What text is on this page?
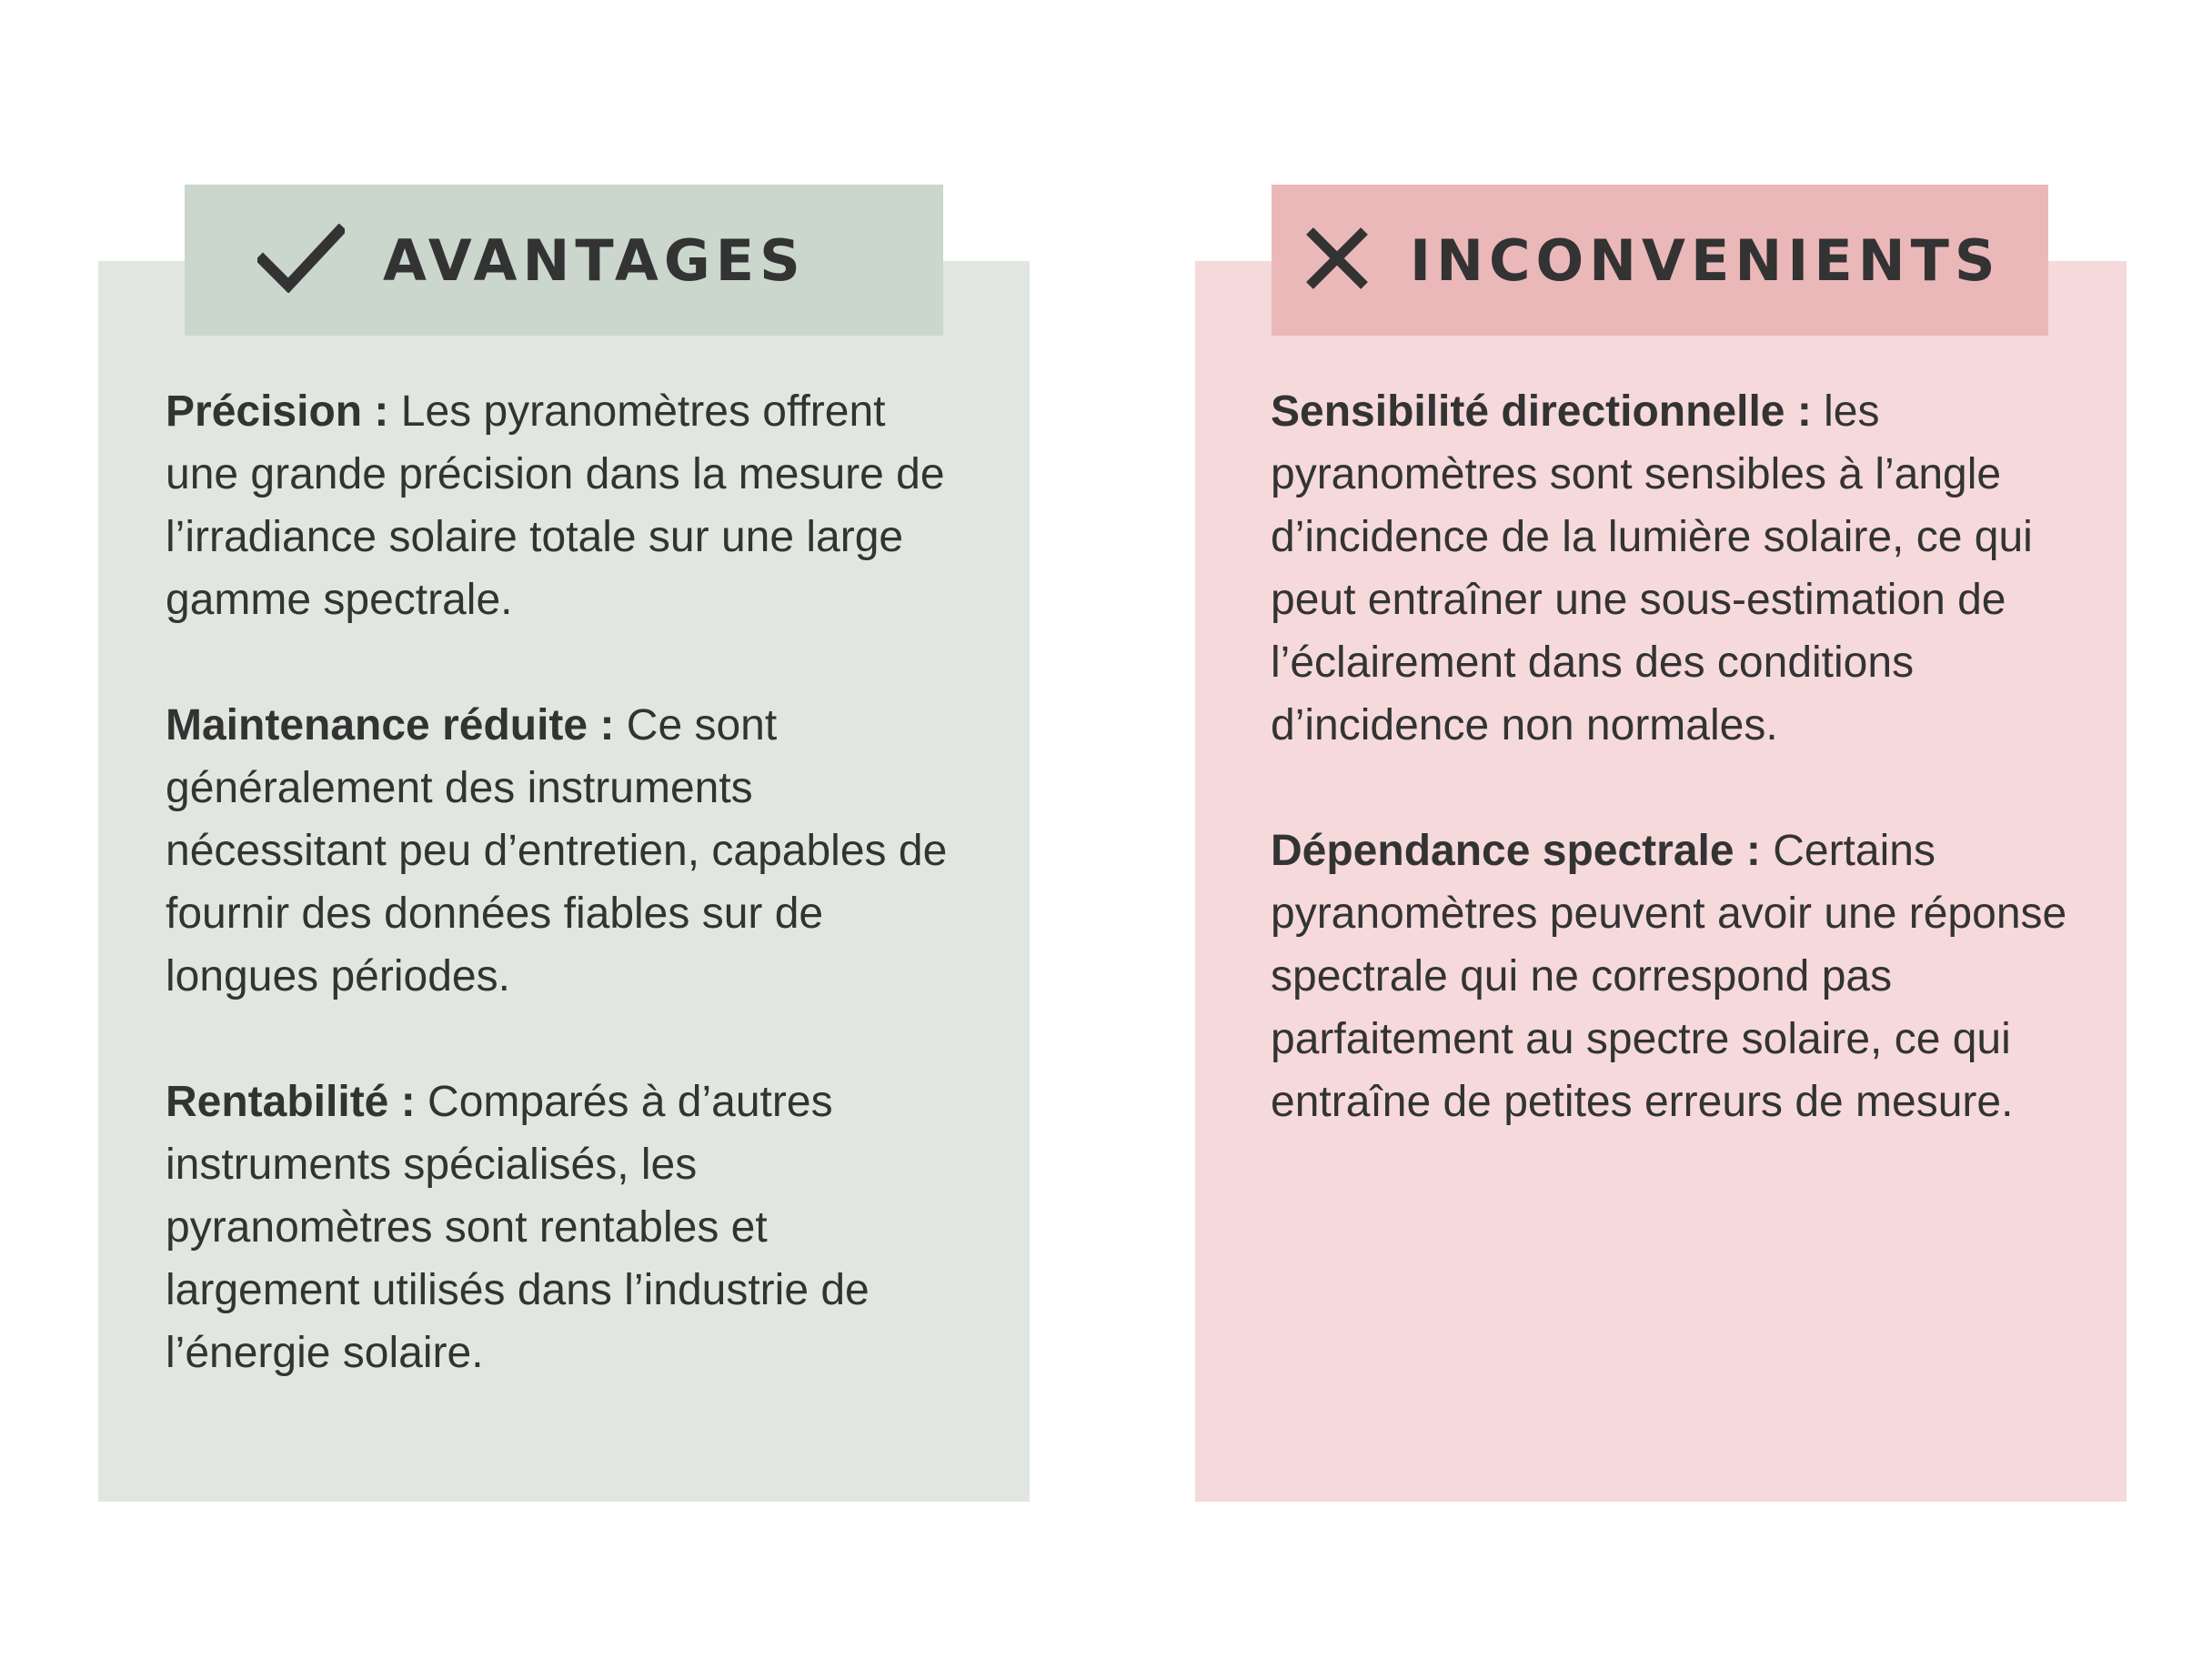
AVANTAGES

Précision : Les pyranomètres offrent une grande précision dans la mesure de l’irradiance solaire totale sur une large gamme spectrale.

Maintenance réduite : Ce sont généralement des instruments nécessitant peu d’entretien, capables de fournir des données fiables sur de longues périodes.

Rentabilité : Comparés à d’autres instruments spécialisés, les pyranomètres sont rentables et largement utilisés dans l’industrie de l’énergie solaire.

INCONVENIENTS

Sensibilité directionnelle : les pyranomètres sont sensibles à l’angle d’incidence de la lumière solaire, ce qui peut entraîner une sous-estimation de l’éclairement dans des conditions d’incidence non normales.

Dépendance spectrale : Certains pyranomètres peuvent avoir une réponse spectrale qui ne correspond pas parfaitement au spectre solaire, ce qui entraîne de petites erreurs de mesure.
